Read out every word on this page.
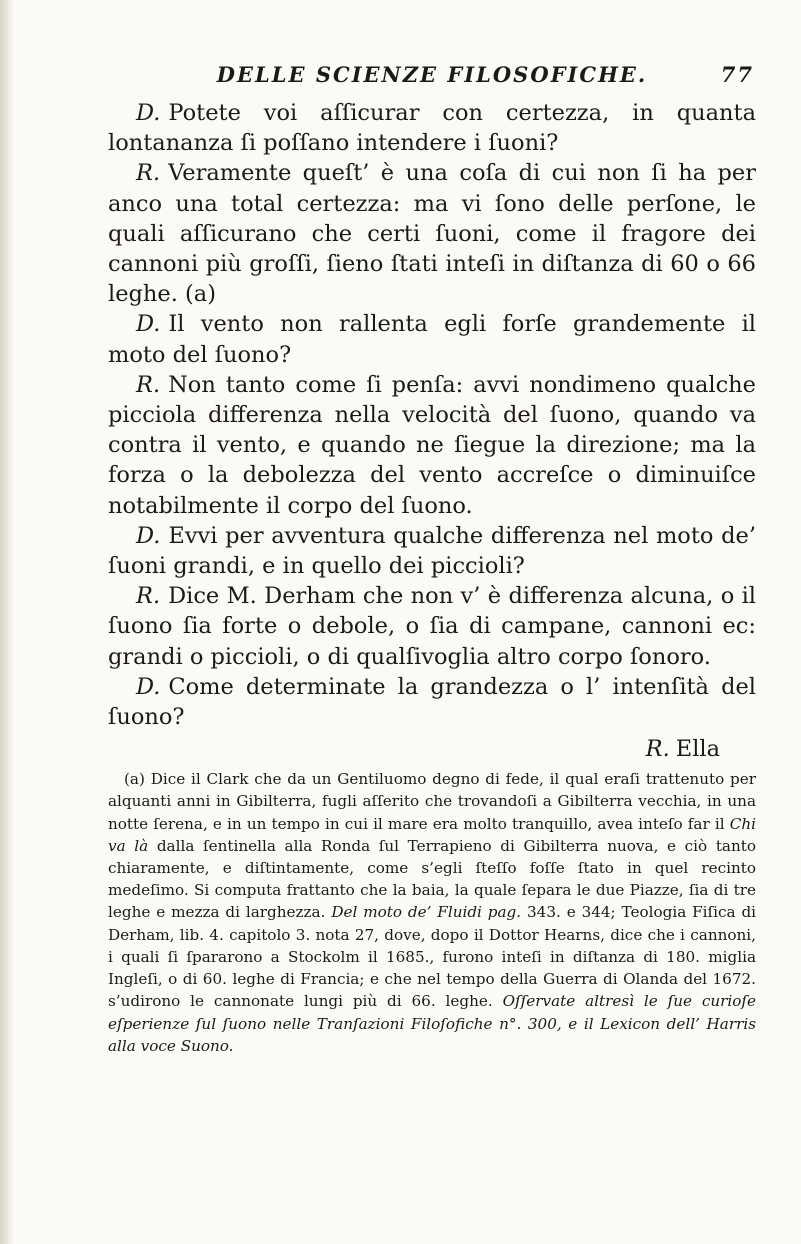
DELLE SCIENZE FILOSOFICHE.	77

D. Potete voi aſſicurar con certezza, in quanta lontananza ſi poſſano intendere i ſuoni?

R. Veramente queſt’ è una coſa di cui non ſi ha per anco una total certezza: ma vi ſono delle perſone, le quali aſſicurano che certi ſuoni, come il fragore dei cannoni più groſſi, ſieno ſtati inteſi in diſtanza di 60 o 66 leghe. (a)

D. Il vento non rallenta egli forſe grandemente il moto del ſuono?

R. Non tanto come ſi penſa: avvi nondimeno qualche picciola differenza nella velocità del ſuono, quando va contra il vento, e quando ne ſiegue la direzione; ma la forza o la debolezza del vento accreſce o diminuiſce notabilmente il corpo del ſuono.

D. Evvi per avventura qualche differenza nel moto de’ ſuoni grandi, e in quello dei piccioli?

R. Dice M. Derham che non v’ è differenza alcuna, o il ſuono ſia forte o debole, o ſia di campane, cannoni ec: grandi o piccioli, o di qualſivoglia altro corpo ſonoro.

D. Come determinate la grandezza o l’ intenſità del ſuono?

R. Ella
(a) Dice il Clark che da un Gentiluomo degno di fede, il qual eraſi trattenuto per alquanti anni in Gibilterra, fugli aſſerito che trovandoſi a Gibilterra vecchia, in una notte ſerena, e in un tempo in cui il mare era molto tranquillo, avea inteſo far il Chi va là dalla ſentinella alla Ronda ſul Terrapieno di Gibilterra nuova, e ciò tanto chiaramente, e diſtintamente, come s’egli ſteſſo foſſe ſtato in quel recinto medeſimo. Si computa frattanto che la baia, la quale ſepara le due Piazze, ſia di tre leghe e mezza di larghezza. Del moto de’ Fluidi pag. 343. e 344; Teologia Fiſica di Derham, lib. 4. capitolo 3. nota 27, dove, dopo il Dottor Hearns, dice che i cannoni, i quali ſi ſpararono a Stockolm il 1685., furono inteſi in diſtanza di 180. miglia Ingleſi, o di 60. leghe di Francia; e che nel tempo della Guerra di Olanda del 1672. s’udirono le cannonate lungi più di 66. leghe. Oſſervate altresì le ſue curioſe eſperienze ſul ſuono nelle Tranſazioni Filoſofiche n°. 300, e il Lexicon dell’ Harris alla voce Suono.
